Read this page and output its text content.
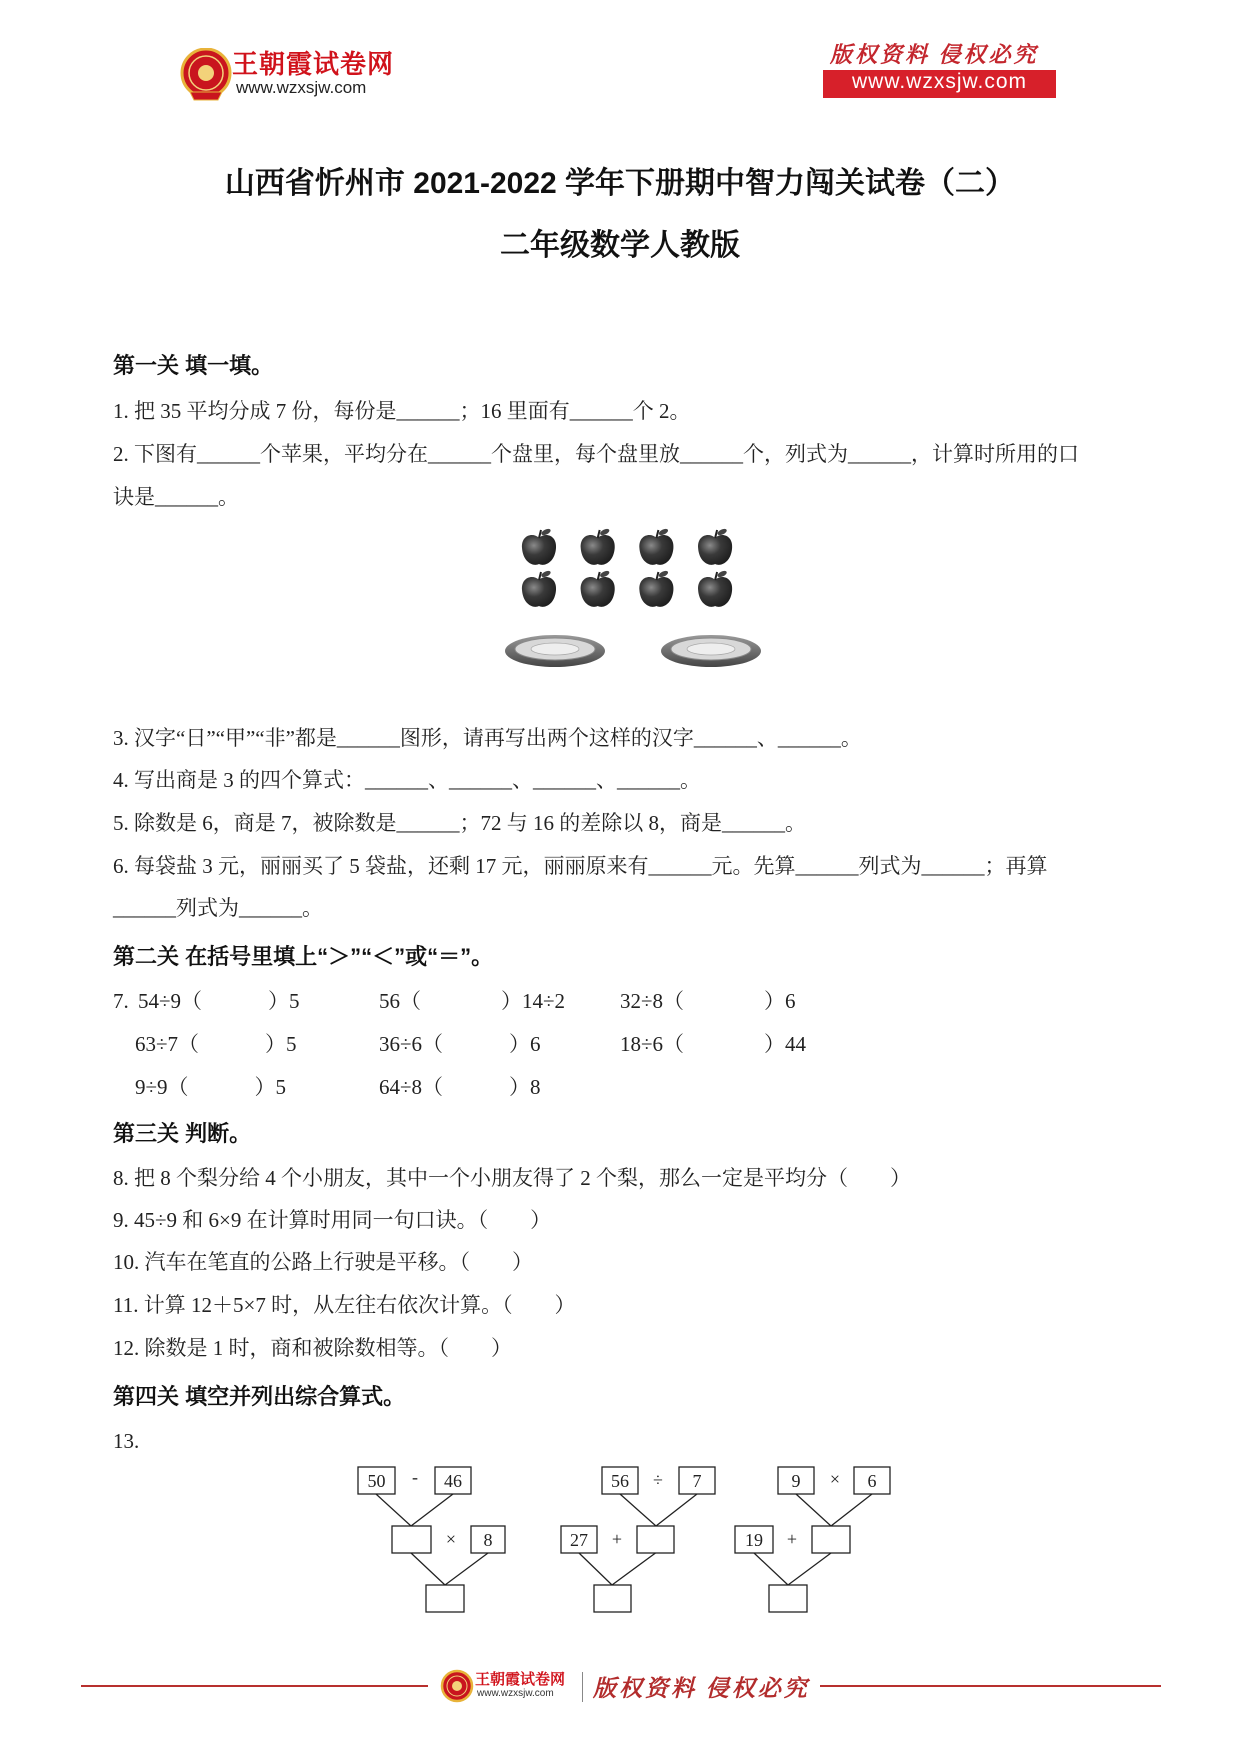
王朝霞试卷网
www.wzxsjw.com
版权资料 侵权必究
www.wzxsjw.com
山西省忻州市 2021-2022 学年下册期中智力闯关试卷（二）
二年级数学人教版
第一关 填一填。
1. 把 35 平均分成 7 份，每份是______；16 里面有______个 2。
2. 下图有______个苹果，平均分在______个盘里，每个盘里放______个，列式为______，计算时所用的口
诀是______。
3. 汉字“日”“甲”“非”都是______图形，请再写出两个这样的汉字______、______。
4. 写出商是 3 的四个算式：______、______、______、______。
5. 除数是 6，商是 7，被除数是______；72 与 16 的差除以 8，商是______。
6. 每袋盐 3 元，丽丽买了 5 袋盐，还剩 17 元，丽丽原来有______元。先算______列式为______；再算
______列式为______。
第二关 在括号里填上“＞”“＜”或“＝”。
7. 54÷9（	）5	56（	）14÷2	32÷8（	）6
63÷7（	）5	36÷6（	）6	18÷6（	）44
9÷9（	）5	64÷8（	）8
第三关 判断。
8. 把 8 个梨分给 4 个小朋友，其中一个小朋友得了 2 个梨，那么一定是平均分（　　）
9. 45÷9 和 6×9 在计算时用同一句口诀。（　　）
10. 汽车在笔直的公路上行驶是平移。（　　）
11. 计算 12＋5×7 时，从左往右依次计算。（　　）
12. 除数是 1 时，商和被除数相等。（　　）
第四关 填空并列出综合算式。
13.
50 - 46
× 8
56 ÷ 7
27 +
9 × 6
19 +
王朝霞试卷网
www.wzxsjw.com 版权资料 侵权必究
